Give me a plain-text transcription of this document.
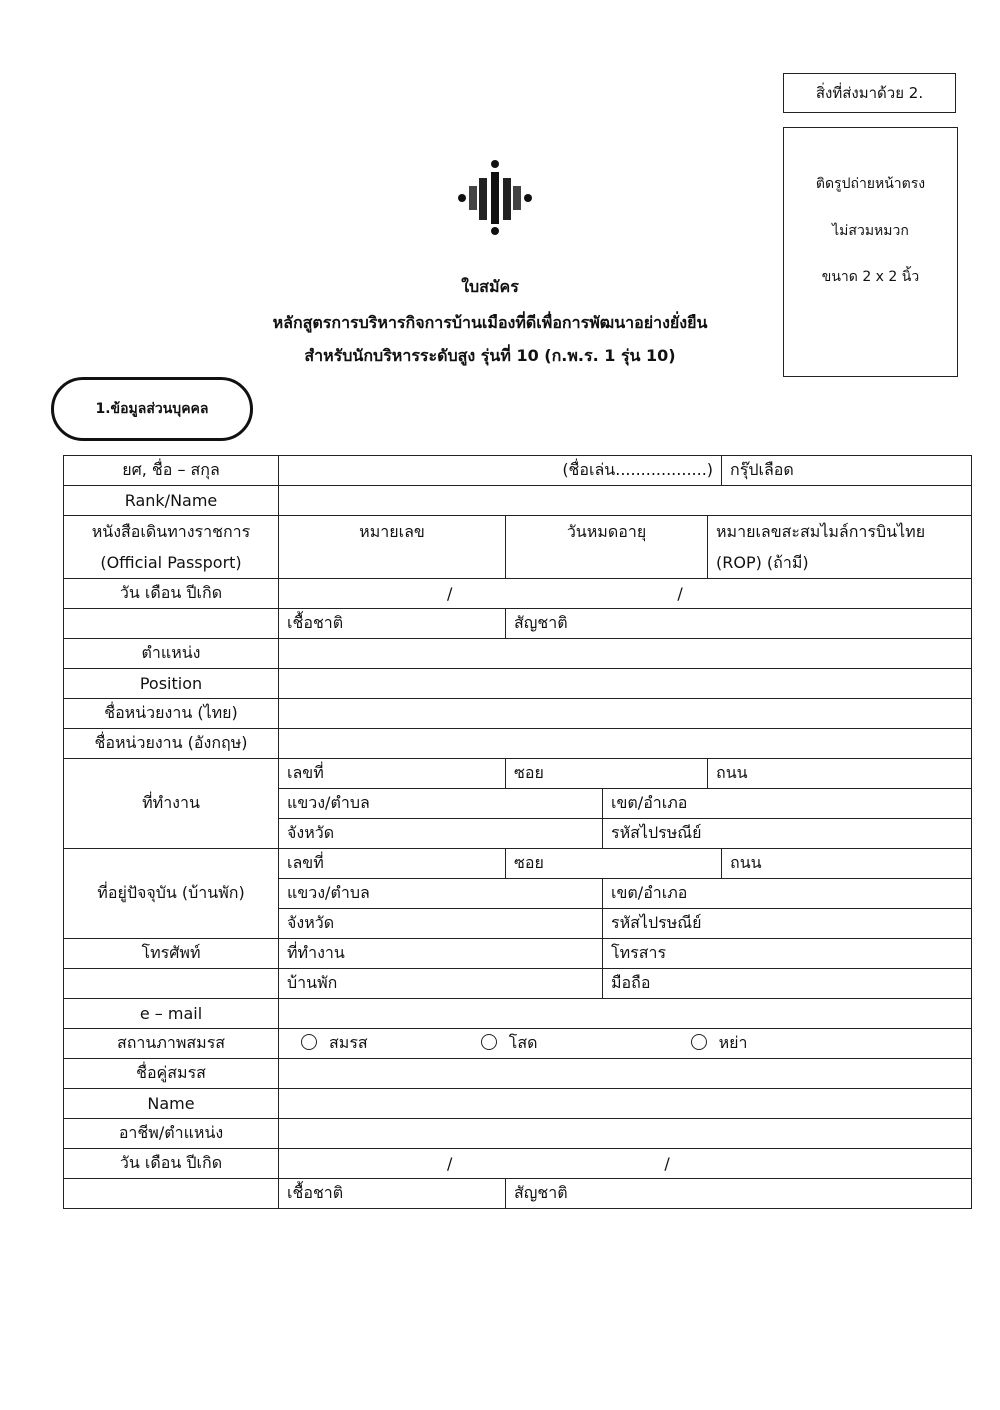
สิ่งที่ส่งมาด้วย 2.
ติดรูปถ่ายหน้าตรง
ไม่สวมหมวก
ขนาด 2 x 2 นิ้ว
ใบสมัคร
หลักสูตรการบริหารกิจการบ้านเมืองที่ดีเพื่อการพัฒนาอย่างยั่งยืน
สำหรับนักบริหารระดับสูง รุ่นที่ 10 (ก.พ.ร. 1 รุ่น 10)
1.ข้อมูลส่วนบุคคล
ยศ, ชื่อ – สกุล	(ชื่อเล่น..................)				กรุ๊ปเลือด
Rank/Name					
หนังสือเดินทางราชการ
(Official Passport)	หมายเลข	วันหมดอายุ		หมายเลขสะสมไมล์การบินไทย
(ROP) (ถ้ามี)	
วัน เดือน ปีเกิด	/ /				
	เชื้อชาติ	สัญชาติ			
ตำแหน่ง					
Position					
ชื่อหน่วยงาน (ไทย)					
ชื่อหน่วยงาน (อังกฤษ)					
ที่ทำงาน	เลขที่	ซอย		ถนน	
	แขวง/ตำบล		เขต/อำเภอ		
	จังหวัด		รหัสไปรษณีย์		
ที่อยู่ปัจจุบัน (บ้านพัก)	เลขที่	ซอย			ถนน
	แขวง/ตำบล		เขต/อำเภอ		
	จังหวัด		รหัสไปรษณีย์		
โทรศัพท์	ที่ทำงาน		โทรสาร		
	บ้านพัก		มือถือ		
e – mail					
สถานภาพสมรส	สมรส โสด หย่า				
ชื่อคู่สมรส					
Name					
อาชีพ/ตำแหน่ง					
วัน เดือน ปีเกิด	/ /				
	เชื้อชาติ	สัญชาติ			
